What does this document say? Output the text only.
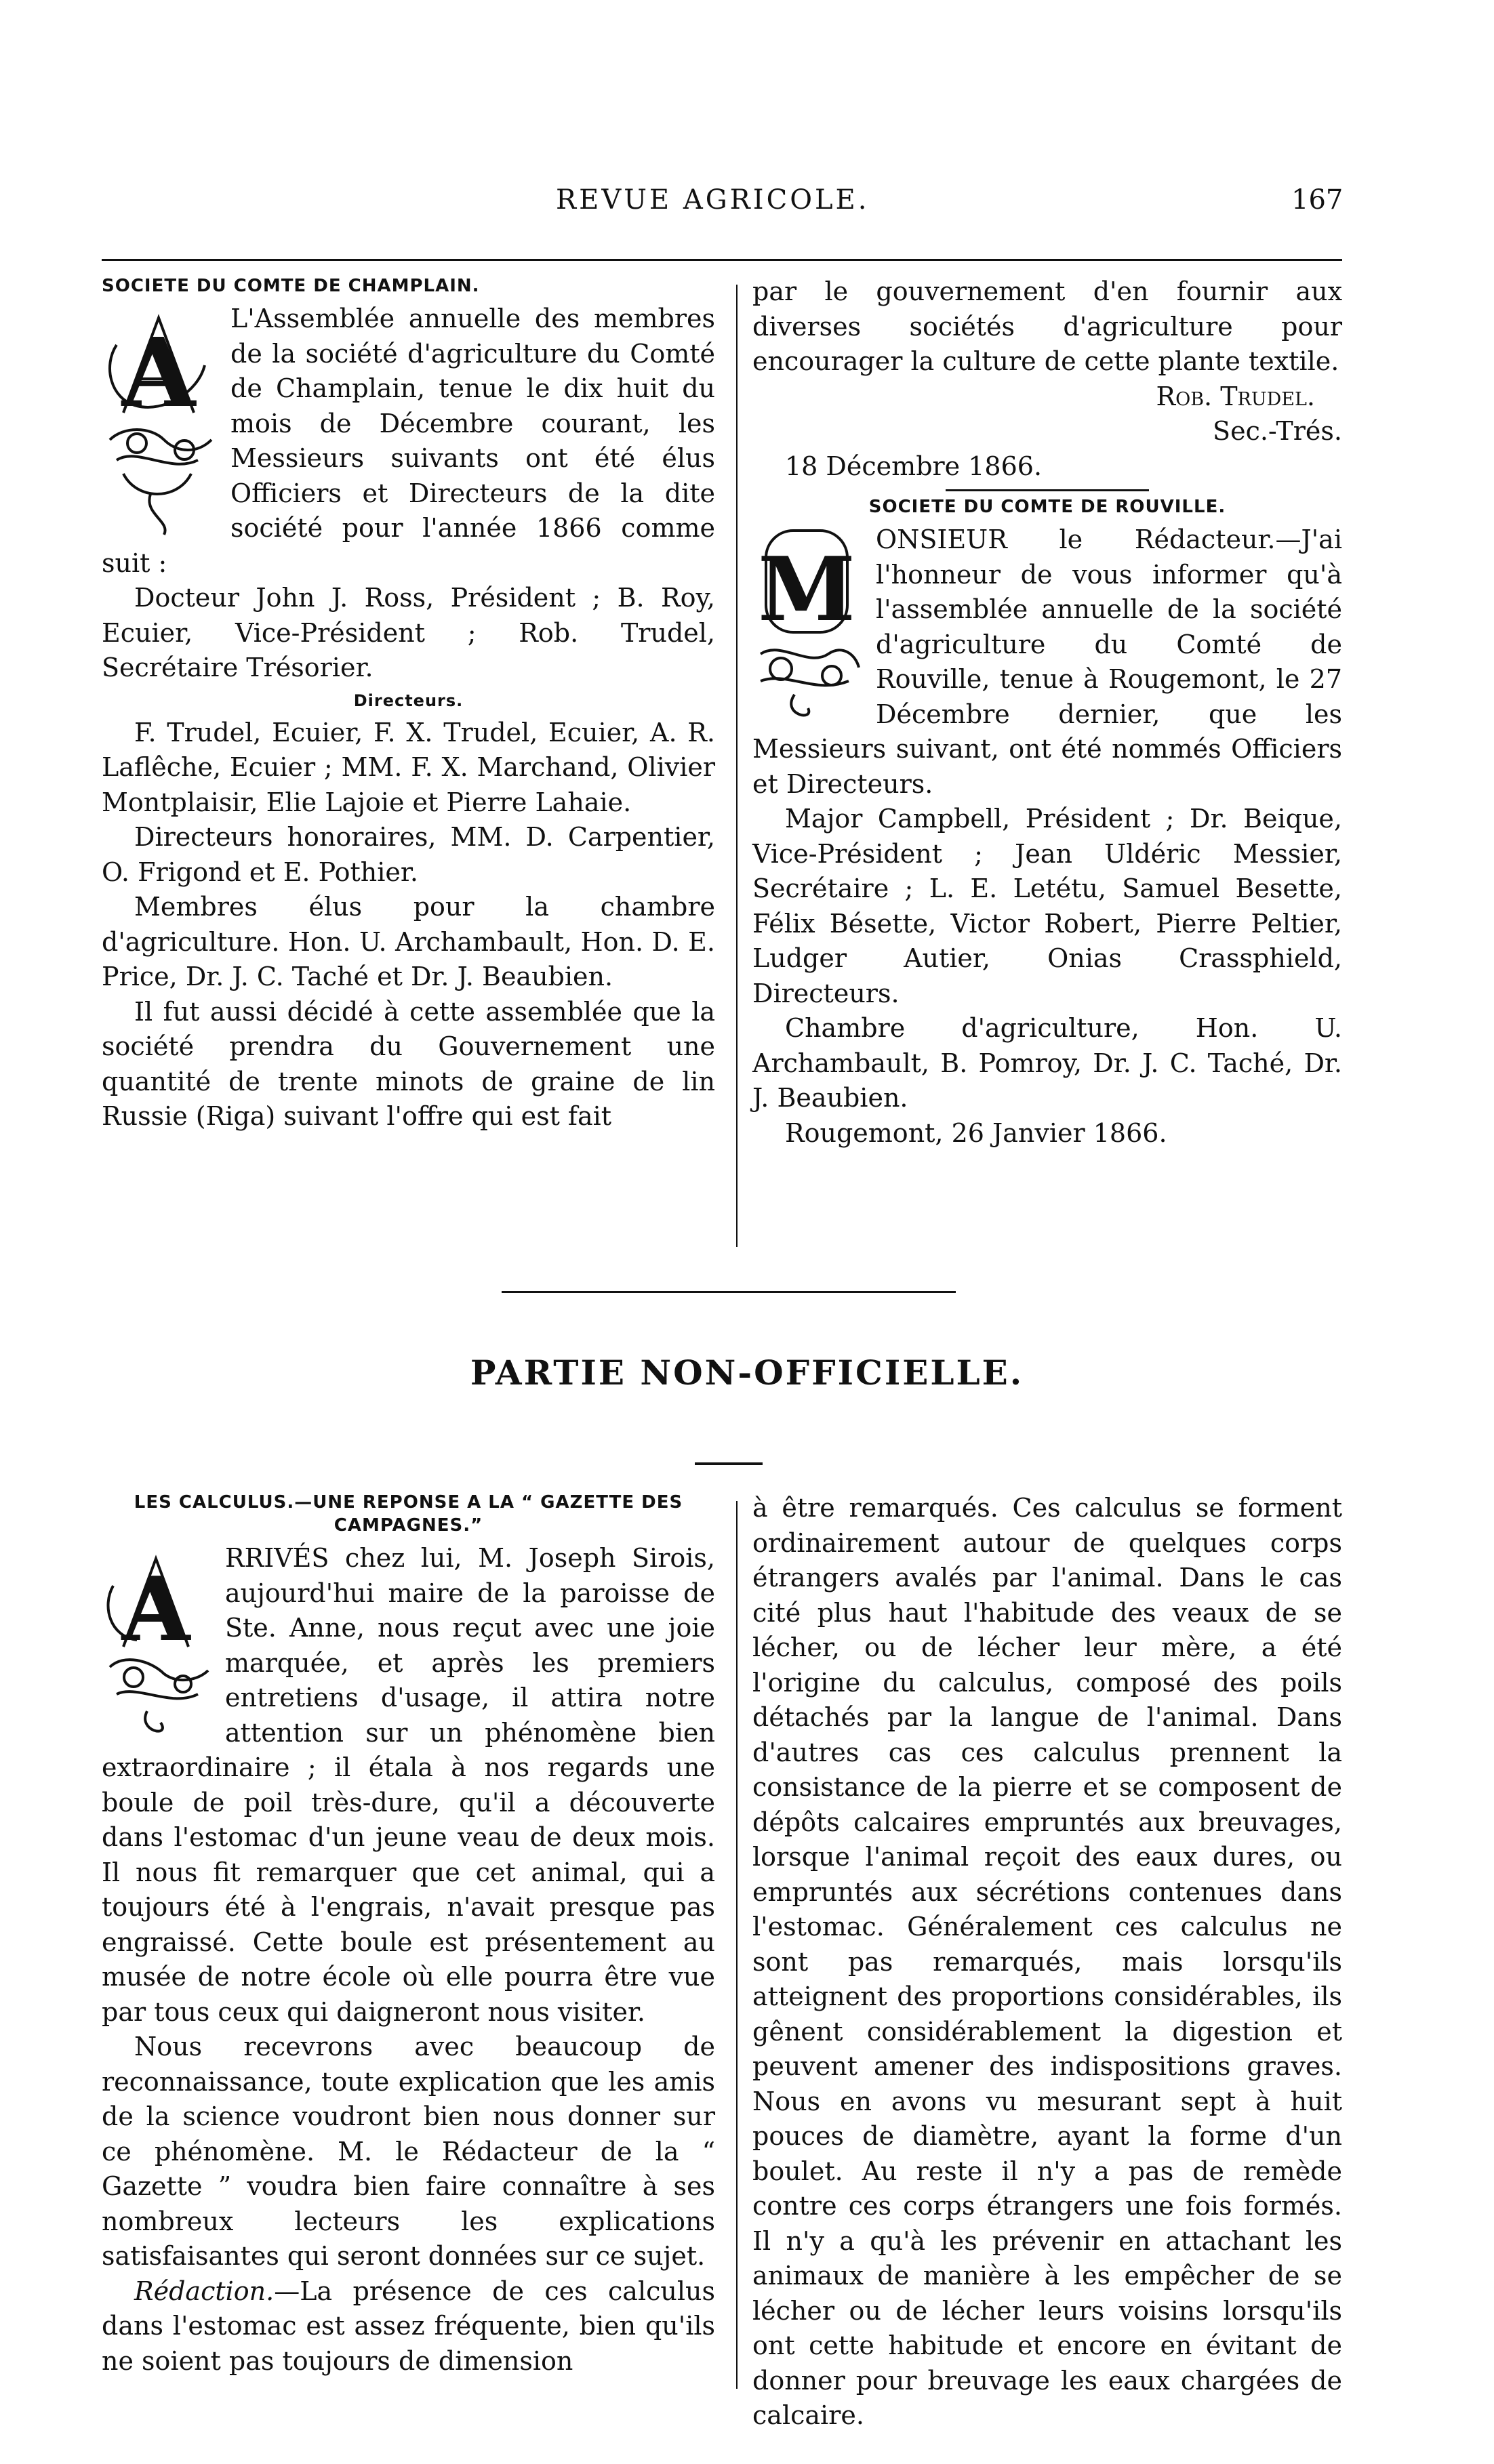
REVUE AGRICOLE.	167
SOCIETE DU COMTE DE CHAMPLAIN.
A	L'Assemblée annuelle des membres de la société d'agriculture du Comté de Champlain, tenue le dix huit du mois de Décembre courant, les Messieurs suivants ont été élus Officiers et Directeurs de la dite société pour l'année 1866 comme suit :

Docteur John J. Ross, Président ; B. Roy, Ecuier, Vice-Président ; Rob. Trudel, Secrétaire Trésorier.

Directeurs.

F. Trudel, Ecuier, F. X. Trudel, Ecuier, A. R. Laflêche, Ecuier ; MM. F. X. Marchand, Olivier Montplaisir, Elie Lajoie et Pierre Lahaie.

Directeurs honoraires, MM. D. Carpentier, O. Frigond et E. Pothier.

Membres élus pour la chambre d'agriculture. Hon. U. Archambault, Hon. D. E. Price, Dr. J. C. Taché et Dr. J. Beaubien.

Il fut aussi décidé à cette assemblée que la société prendra du Gouvernement une quantité de trente minots de graine de lin Russie (Riga) suivant l'offre qui est fait

par le gouvernement d'en fournir aux diverses sociétés d'agriculture pour encourager la culture de cette plante textile.

Rob. Trudel.
Sec.-Trés.

18 Décembre 1866.

SOCIETE DU COMTE DE ROUVILLE.
M ONSIEUR le Rédacteur.—J'ai l'honneur de vous informer qu'à l'assemblée annuelle de la société d'agriculture du Comté de Rouville, tenue à Rougemont, le 27 Décembre dernier, que les Messieurs suivant, ont été nommés Officiers et Directeurs.

Major Campbell, Président ; Dr. Beique, Vice-Président ; Jean Uldéric Messier, Secrétaire ; L. E. Letétu, Samuel Besette, Félix Bésette, Victor Robert, Pierre Peltier, Ludger Autier, Onias Crassphield, Directeurs.

Chambre d'agriculture, Hon. U. Archambault, B. Pomroy, Dr. J. C. Taché, Dr. J. Beaubien.

Rougemont, 26 Janvier 1866.

PARTIE NON-OFFICIELLE.
LES CALCULUS.—UNE REPONSE A LA “ GAZETTE DES CAMPAGNES.”
A	RRIVÉS chez lui, M. Joseph Sirois, aujourd'hui maire de la paroisse de Ste. Anne, nous reçut avec une joie marquée, et après les premiers entretiens d'usage, il attira notre attention sur un phénomène bien extraordinaire ; il étala à nos regards une boule de poil très-dure, qu'il a découverte dans l'estomac d'un jeune veau de deux mois. Il nous fit remarquer que cet animal, qui a toujours été à l'engrais, n'avait presque pas engraissé. Cette boule est présentement au musée de notre école où elle pourra être vue par tous ceux qui daigneront nous visiter.

Nous recevrons avec beaucoup de reconnaissance, toute explication que les amis de la science voudront bien nous donner sur ce phénomène. M. le Rédacteur de la “ Gazette ” voudra bien faire connaître à ses nombreux lecteurs les explications satisfaisantes qui seront données sur ce sujet.

Rédaction.—La présence de ces calculus dans l'estomac est assez fréquente, bien qu'ils ne soient pas toujours de dimension

à être remarqués. Ces calculus se forment ordinairement autour de quelques corps étrangers avalés par l'animal. Dans le cas cité plus haut l'habitude des veaux de se lécher, ou de lécher leur mère, a été l'origine du calculus, composé des poils détachés par la langue de l'animal. Dans d'autres cas ces calculus prennent la consistance de la pierre et se composent de dépôts calcaires empruntés aux breuvages, lorsque l'animal reçoit des eaux dures, ou empruntés aux sécrétions contenues dans l'estomac. Généralement ces calculus ne sont pas remarqués, mais lorsqu'ils atteignent des proportions considérables, ils gênent considérablement la digestion et peuvent amener des indispositions graves. Nous en avons vu mesurant sept à huit pouces de diamètre, ayant la forme d'un boulet. Au reste il n'y a pas de remède contre ces corps étrangers une fois formés. Il n'y a qu'à les prévenir en attachant les animaux de manière à les empêcher de se lécher ou de lécher leurs voisins lorsqu'ils ont cette habitude et encore en évitant de donner pour breuvage les eaux chargées de calcaire.
